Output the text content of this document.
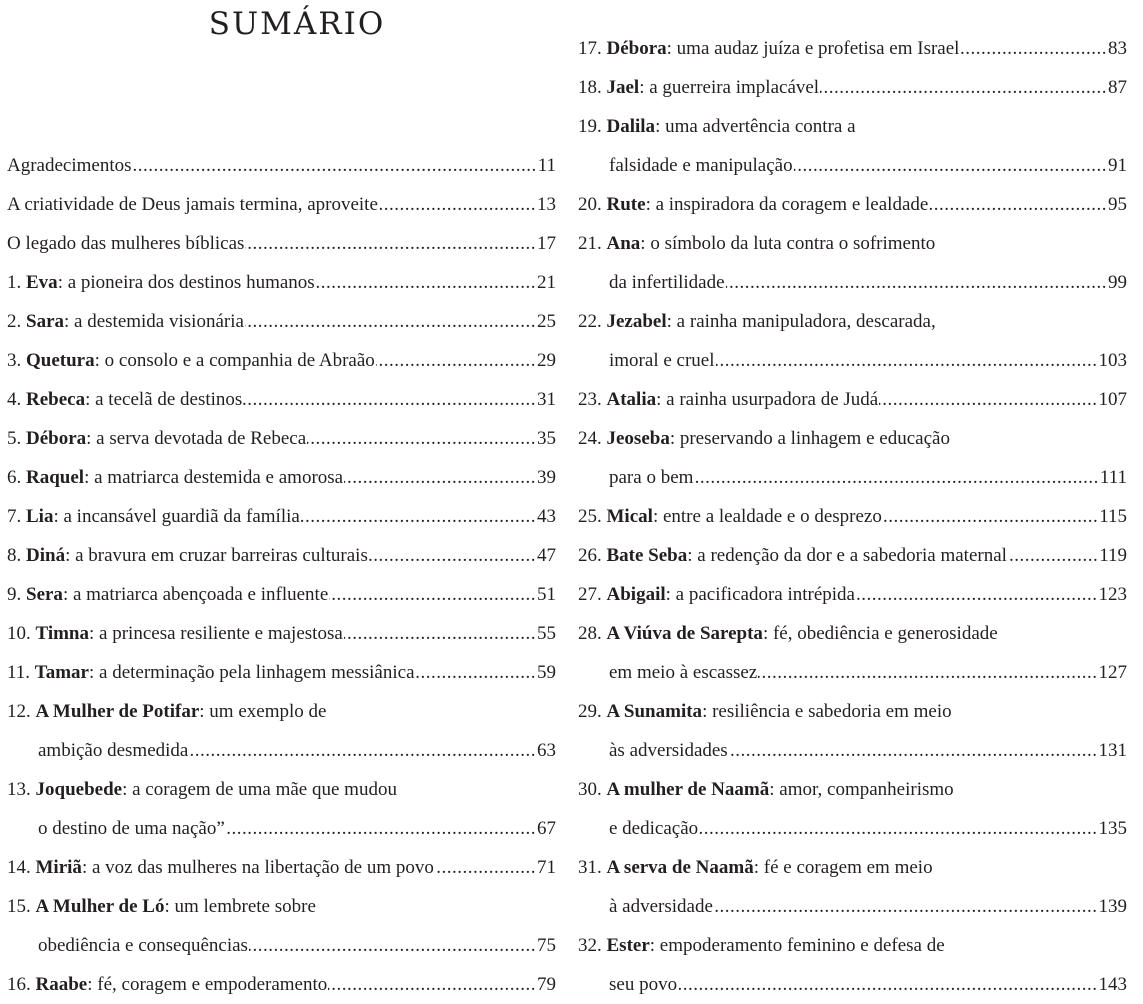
SUMÁRIO
Agradecimentos .....	11
A criatividade de Deus jamais termina, aproveite .....	13
O legado das mulheres bíblicas .....	17
1. Eva: a pioneira dos destinos humanos .....	21
2. Sara: a destemida visionária .....	25
3. Quetura: o consolo e a companhia de Abraão .....	29
4. Rebeca: a tecelã de destinos .....	31
5. Débora: a serva devotada de Rebeca .....	35
6. Raquel: a matriarca destemida e amorosa .....	39
7. Lia: a incansável guardiã da família .....	43
8. Diná: a bravura em cruzar barreiras culturais .....	47
9. Sera: a matriarca abençoada e influente .....	51
10. Timna: a princesa resiliente e majestosa .....	55
11. Tamar: a determinação pela linhagem messiânica .....	59
12. A Mulher de Potifar: um exemplo de
ambição desmedida .....	63
13. Joquebede: a coragem de uma mãe que mudou
o destino de uma nação” .....	67
14. Miriã: a voz das mulheres na libertação de um povo .....	71
15. A Mulher de Ló: um lembrete sobre
obediência e consequências .....	75
16. Raabe: fé, coragem e empoderamento .....	79
17. Débora: uma audaz juíza e profetisa em Israel .....	83
18. Jael: a guerreira implacável .....	87
19. Dalila: uma advertência contra a
falsidade e manipulação .....	91
20. Rute: a inspiradora da coragem e lealdade .....	95
21. Ana: o símbolo da luta contra o sofrimento
da infertilidade .....	99
22. Jezabel: a rainha manipuladora, descarada,
imoral e cruel .....	103
23. Atalia: a rainha usurpadora de Judá .....	107
24. Jeoseba: preservando a linhagem e educação
para o bem .....	111
25. Mical: entre a lealdade e o desprezo .....	115
26. Bate Seba: a redenção da dor e a sabedoria maternal .....	119
27. Abigail: a pacificadora intrépida .....	123
28. A Viúva de Sarepta: fé, obediência e generosidade
em meio à escassez .....	127
29. A Sunamita: resiliência e sabedoria em meio
às adversidades .....	131
30. A mulher de Naamã: amor, companheirismo
e dedicação .....	135
31. A serva de Naamã: fé e coragem em meio
à adversidade .....	139
32. Ester: empoderamento feminino e defesa de
seu povo .....	143
